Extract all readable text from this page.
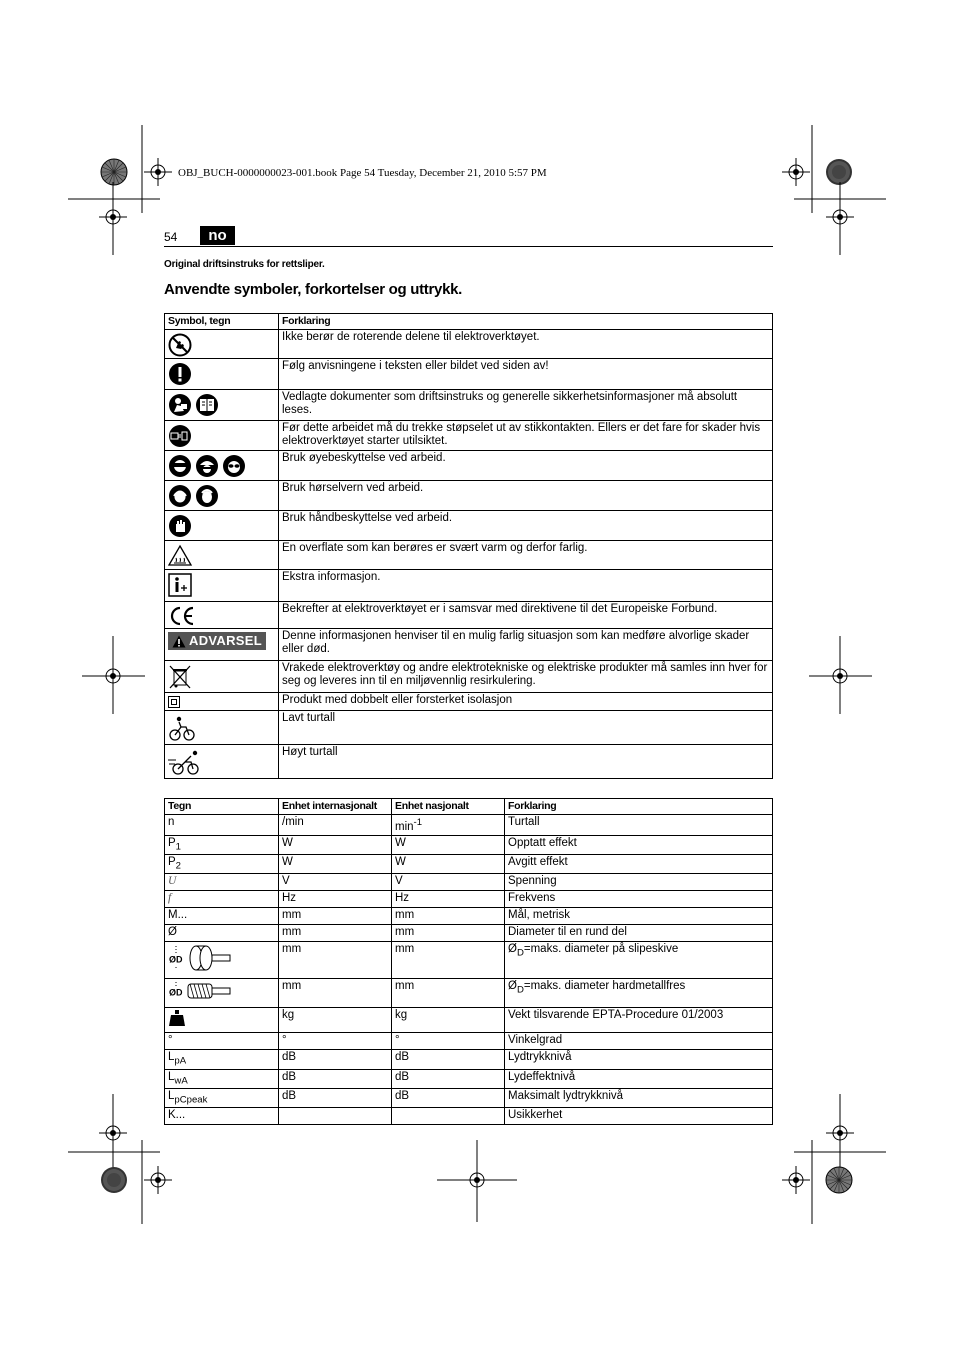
OBJ_BUCH-0000000023-001.book Page 54 Tuesday, December 21, 2010 5:57 PM
54	no
Original driftsinstruks for rettsliper.
Anvendte symboler, forkortelser og uttrykk.
Symbol, tegn	Forklaring

	Ikke berør de roterende delene til elektroverktøyet.

	Følg anvisningene i teksten eller bildet ved siden av!

	Vedlagte dokumenter som driftsinstruks og generelle sikkerhetsinformasjoner må absolutt leses.

	Før dette arbeidet må du trekke støpselet ut av stikkontakten. Ellers er det fare for skader hvis elektroverktøyet starter utilsiktet.

	Bruk øyebeskyttelse ved arbeid.

	Bruk hørselvern ved arbeid.

	Bruk håndbeskyttelse ved arbeid.

	En overflate som kan berøres er svært varm og derfor farlig.

	Ekstra informasjon.

	Bekrefter at elektroverktøyet er i samsvar med direktivene til det Europeiske Forbund.

ADVARSEL	Denne informasjonen henviser til en mulig farlig situasjon som kan medføre alvorlige skader eller død.

	Vrakede elektroverktøy og andre elektrotekniske og elektriske produkter må samles inn hver for seg og leveres inn til en miljøvennlig resirkulering.

	Produkt med dobbelt eller forsterket isolasjon

	Lavt turtall

	Høyt turtall
Tegn	Enhet internasjonalt	Enhet nasjonalt	Forklaring
n	/min	$\min^{-1}$	Turtall
$P_1$	W	W	Opptatt effekt
$P_2$	W	W	Avgitt effekt
U	V	V	Spenning
f	Hz	Hz	Frekvens
M...	mm	mm	Mål, metrisk
Ø	mm	mm	Diameter til en rund del

ØD	mm	mm	$Ø_D=maks$. diameter på slipeskive

ØD	mm	mm	$Ø_D=maks$. diameter hardmetallfres
	kg	kg	Vekt tilsvarende EPTA-Procedure 01/2003
°	°	°	Vinkelgrad
$L_{pA}$	dB	dB	Lydtrykknivå
$L_{wA}$	dB	dB	Lydeffektnivå
$L_{pCpeak}$	dB	dB	Maksimalt lydtrykknivå
K...			Usikkerhet
